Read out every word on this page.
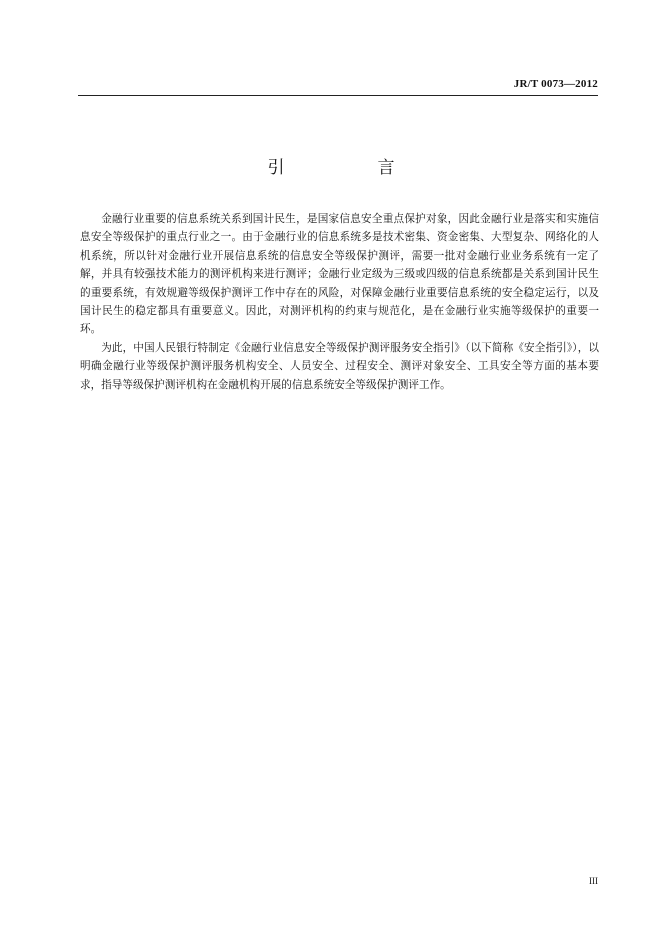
JR/T 0073—2012
引　言

金融行业重要的信息系统关系到国计民生，是国家信息安全重点保护对象，因此金融行业是落实和实施信息安全等级保护的重点行业之一。由于金融行业的信息系统多是技术密集、资金密集、大型复杂、网络化的人机系统，所以针对金融行业开展信息系统的信息安全等级保护测评，需要一批对金融行业业务系统有一定了解，并具有较强技术能力的测评机构来进行测评；金融行业定级为三级或四级的信息系统都是关系到国计民生的重要系统，有效规避等级保护测评工作中存在的风险，对保障金融行业重要信息系统的安全稳定运行，以及国计民生的稳定都具有重要意义。因此，对测评机构的约束与规范化，是在金融行业实施等级保护的重要一环。

为此，中国人民银行特制定《金融行业信息安全等级保护测评服务安全指引》（以下简称《安全指引》），以明确金融行业等级保护测评服务机构安全、人员安全、过程安全、测评对象安全、工具安全等方面的基本要求，指导等级保护测评机构在金融机构开展的信息系统安全等级保护测评工作。

III
